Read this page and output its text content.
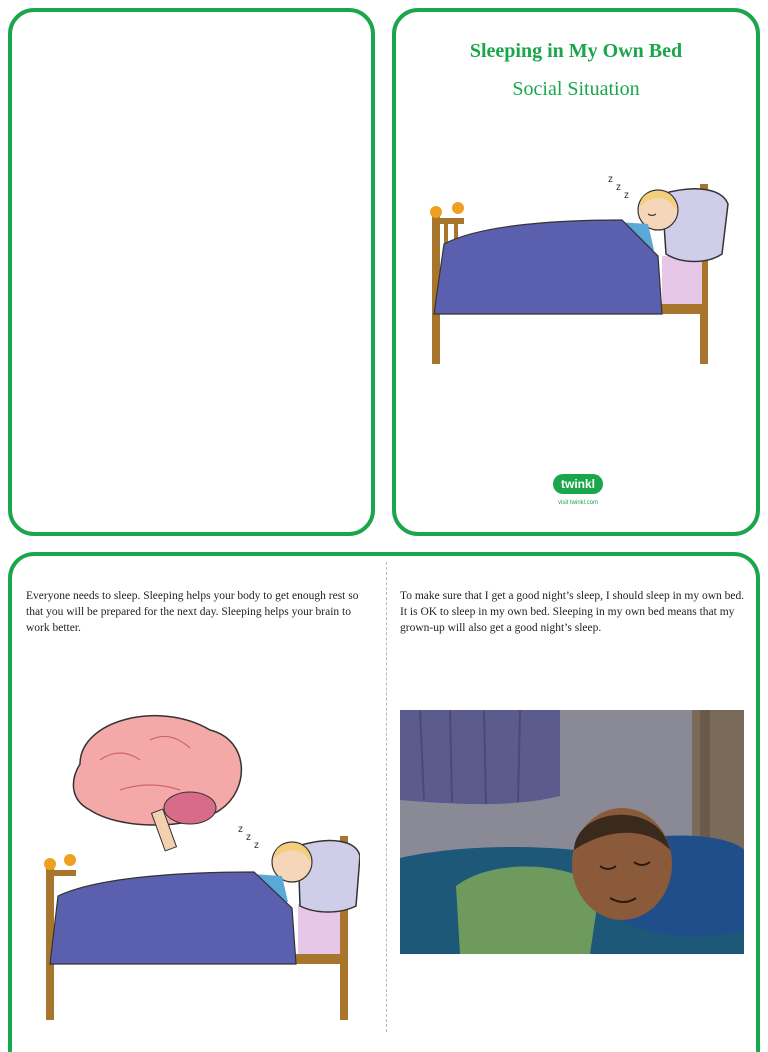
Sleeping in My Own Bed
Social Situation
z
z
z
twinkl
visit twinkl.com
Everyone needs to sleep. Sleeping helps your body to get enough rest so that you will be prepared for the next day. Sleeping helps your brain to work better.
To make sure that I get a good night’s sleep, I should sleep in my own bed. It is OK to sleep in my own bed. Sleeping in my own bed means that my grown-up will also get a good night’s sleep.
z
z
z
